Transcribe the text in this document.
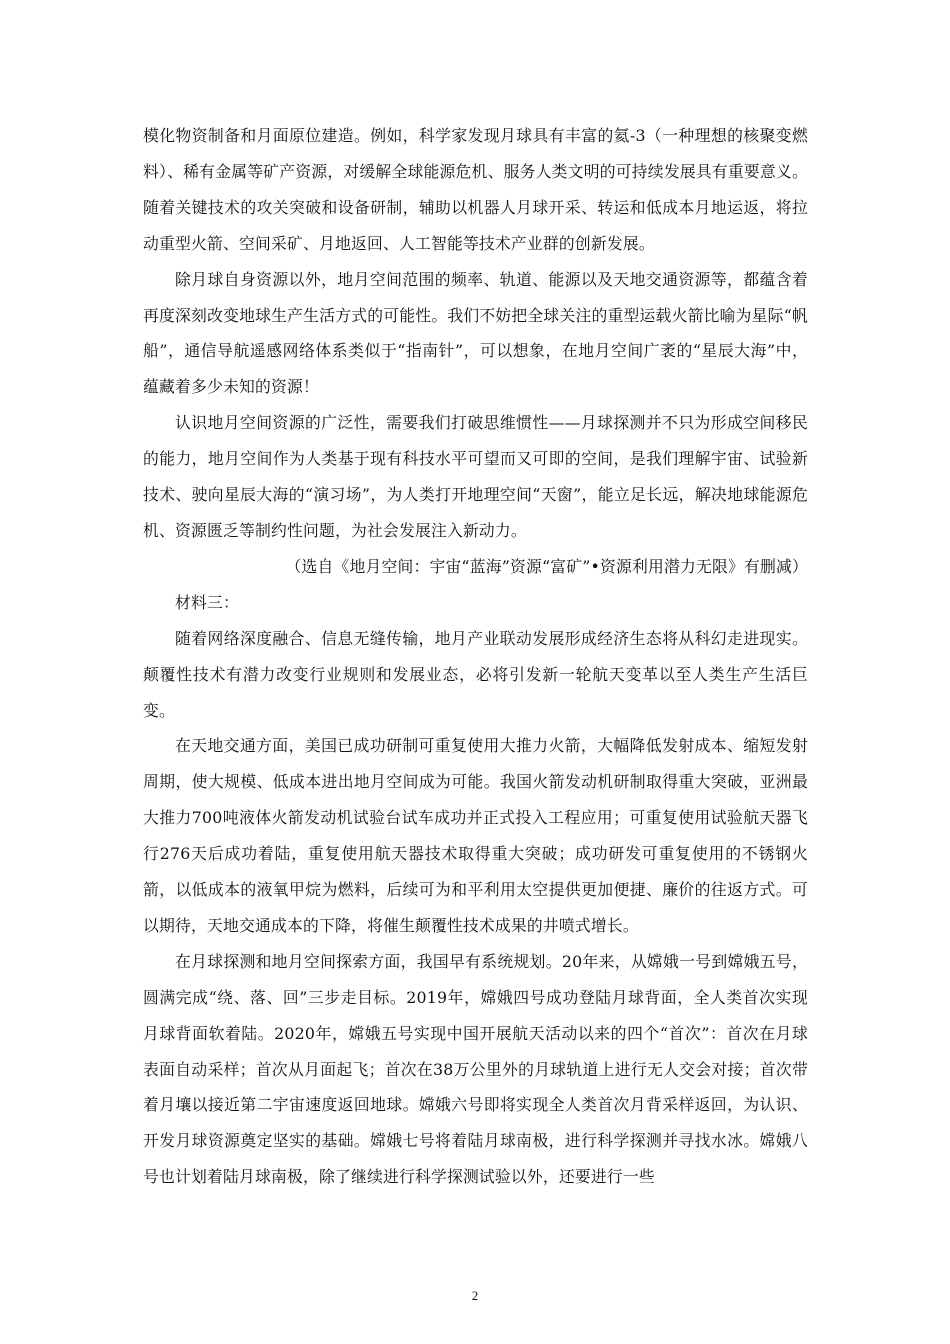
模化物资制备和月面原位建造。例如，科学家发现月球具有丰富的氦-3（一种理想的核聚变燃料）、稀有金属等矿产资源，对缓解全球能源危机、服务人类文明的可持续发展具有重要意义。随着关键技术的攻关突破和设备研制，辅助以机器人月球开采、转运和低成本月地运返，将拉动重型火箭、空间采矿、月地返回、人工智能等技术产业群的创新发展。

除月球自身资源以外，地月空间范围的频率、轨道、能源以及天地交通资源等，都蕴含着再度深刻改变地球生产生活方式的可能性。我们不妨把全球关注的重型运载火箭比喻为星际“帆船”，通信导航遥感网络体系类似于“指南针”，可以想象，在地月空间广袤的“星辰大海”中，蕴藏着多少未知的资源！

认识地月空间资源的广泛性，需要我们打破思维惯性——月球探测并不只为形成空间移民的能力，地月空间作为人类基于现有科技水平可望而又可即的空间，是我们理解宇宙、试验新技术、驶向星辰大海的“演习场”，为人类打开地理空间“天窗”，能立足长远，解决地球能源危机、资源匮乏等制约性问题，为社会发展注入新动力。

（选自《地月空间：宇宙“蓝海”资源“富矿”•资源利用潜力无限》有删减）

材料三：

随着网络深度融合、信息无缝传输，地月产业联动发展形成经济生态将从科幻走进现实。颠覆性技术有潜力改变行业规则和发展业态，必将引发新一轮航天变革以至人类生产生活巨变。

在天地交通方面，美国已成功研制可重复使用大推力火箭，大幅降低发射成本、缩短发射周期，使大规模、低成本进出地月空间成为可能。我国火箭发动机研制取得重大突破，亚洲最大推力700吨液体火箭发动机试验台试车成功并正式投入工程应用；可重复使用试验航天器飞行276天后成功着陆，重复使用航天器技术取得重大突破；成功研发可重复使用的不锈钢火箭，以低成本的液氧甲烷为燃料，后续可为和平利用太空提供更加便捷、廉价的往返方式。可以期待，天地交通成本的下降，将催生颠覆性技术成果的井喷式增长。

在月球探测和地月空间探索方面，我国早有系统规划。20年来，从嫦娥一号到嫦娥五号，圆满完成“绕、落、回”三步走目标。2019年，嫦娥四号成功登陆月球背面，全人类首次实现月球背面软着陆。2020年，嫦娥五号实现中国开展航天活动以来的四个“首次”：首次在月球表面自动采样；首次从月面起飞；首次在38万公里外的月球轨道上进行无人交会对接；首次带着月壤以接近第二宇宙速度返回地球。嫦娥六号即将实现全人类首次月背采样返回，为认识、开发月球资源奠定坚实的基础。嫦娥七号将着陆月球南极，进行科学探测并寻找水冰。嫦娥八号也计划着陆月球南极，除了继续进行科学探测试验以外，还要进行一些

2
